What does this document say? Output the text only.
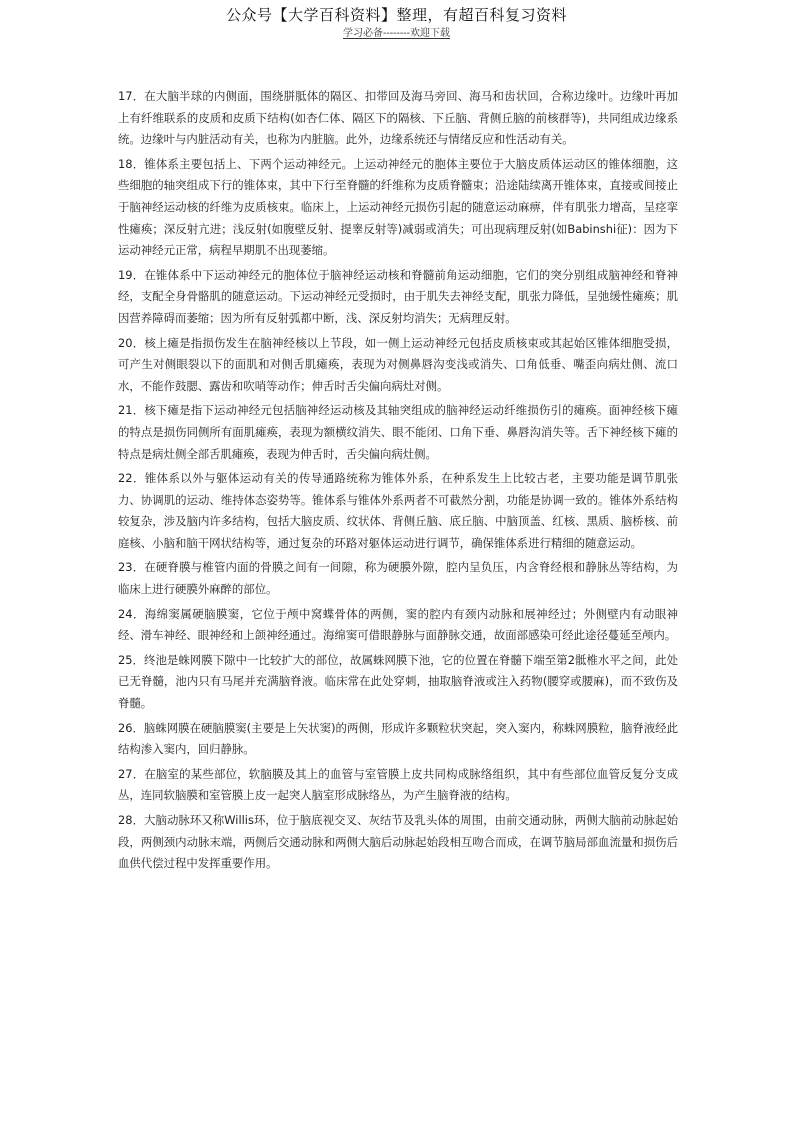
公众号【大学百科资料】整理，有超百科复习资料
学习必备--------欢迎下载

17．在大脑半球的内侧面，围绕胼胝体的隔区、扣带回及海马旁回、海马和齿状回，合称边缘叶。边缘叶再加上有纤维联系的皮质和皮质下结构(如杏仁体、隔区下的隔核、下丘脑、背侧丘脑的前核群等)，共同组成边缘系统。边缘叶与内脏活动有关，也称为内脏脑。此外，边缘系统还与情绪反应和性活动有关。

18．锥体系主要包括上、下两个运动神经元。上运动神经元的胞体主要位于大脑皮质体运动区的锥体细胞，这些细胞的轴突组成下行的锥体束，其中下行至脊髓的纤维称为皮质脊髓束；沿途陆续离开锥体束，直接或间接止于脑神经运动核的纤维为皮质核束。临床上，上运动神经元损伤引起的随意运动麻痹，伴有肌张力增高，呈痉挛性瘫痪；深反射亢进；浅反射(如腹壁反射、提睾反射等)减弱或消失；可出现病理反射(如Babinshi征)：因为下运动神经元正常，病程早期肌不出现萎缩。

19．在锥体系中下运动神经元的胞体位于脑神经运动核和脊髓前角运动细胞，它们的突分别组成脑神经和脊神经，支配全身骨骼肌的随意运动。下运动神经元受损时，由于肌失去神经支配，肌张力降低，呈弛缓性瘫痪；肌因营养障碍而萎缩；因为所有反射弧都中断，浅、深反射均消失；无病理反射。

20．核上瘫是指损伤发生在脑神经核以上节段，如一侧上运动神经元包括皮质核束或其起始区锥体细胞受损，可产生对侧眼裂以下的面肌和对侧舌肌瘫痪，表现为对侧鼻唇沟变浅或消失、口角低垂、嘴歪向病灶侧、流口水，不能作鼓腮、露齿和吹哨等动作；伸舌时舌尖偏向病灶对侧。

21．核下瘫是指下运动神经元包括脑神经运动核及其轴突组成的脑神经运动纤维损伤引的瘫痪。面神经核下瘫的特点是损伤同侧所有面肌瘫痪，表现为额横纹消失、眼不能闭、口角下垂、鼻唇沟消失等。舌下神经核下瘫的特点是病灶侧全部舌肌瘫痪，表现为伸舌时，舌尖偏向病灶侧。

22．锥体系以外与躯体运动有关的传导通路统称为锥体外系，在种系发生上比较古老，主要功能是调节肌张力、协调肌的运动、维持体态姿势等。锥体系与锥体外系两者不可截然分割，功能是协调一致的。锥体外系结构较复杂，涉及脑内许多结构，包括大脑皮质、纹状体、背侧丘脑、底丘脑、中脑顶盖、红核、黑质、脑桥核、前庭核、小脑和脑干网状结构等，通过复杂的环路对躯体运动进行调节，确保锥体系进行精细的随意运动。

23．在硬脊膜与椎管内面的骨膜之间有一间隙，称为硬膜外隙，腔内呈负压，内含脊经根和静脉丛等结构，为临床上进行硬膜外麻醉的部位。

24．海绵窦属硬脑膜窦，它位于颅中窝蝶骨体的两侧，窦的腔内有颈内动脉和展神经过；外侧壁内有动眼神经、滑车神经、眼神经和上颌神经通过。海绵窦可借眼静脉与面静脉交通，故面部感染可经此途径蔓延至颅内。

25．终池是蛛网膜下隙中一比较扩大的部位，故属蛛网膜下池，它的位置在脊髓下端至第2骶椎水平之间，此处已无脊髓，池内只有马尾并充满脑脊液。临床常在此处穿刺，抽取脑脊液或注入药物(腰穿或腰麻)，而不致伤及脊髓。

26．脑蛛网膜在硬脑膜窦(主要是上矢状窦)的两侧，形成许多颗粒状突起，突入窦内，称蛛网膜粒，脑脊液经此结构渗入窦内，回归静脉。

27．在脑室的某些部位，软脑膜及其上的血管与室管膜上皮共同构成脉络组织，其中有些部位血管反复分支成丛，连同软脑膜和室管膜上皮一起突人脑室形成脉络丛，为产生脑脊液的结构。

28．大脑动脉环又称Willis环，位于脑底视交叉、灰结节及乳头体的周围，由前交通动脉，两侧大脑前动脉起始段，两侧颈内动脉末端，两侧后交通动脉和两侧大脑后动脉起始段相互吻合而成，在调节脑局部血流量和损伤后血供代偿过程中发挥重要作用。
